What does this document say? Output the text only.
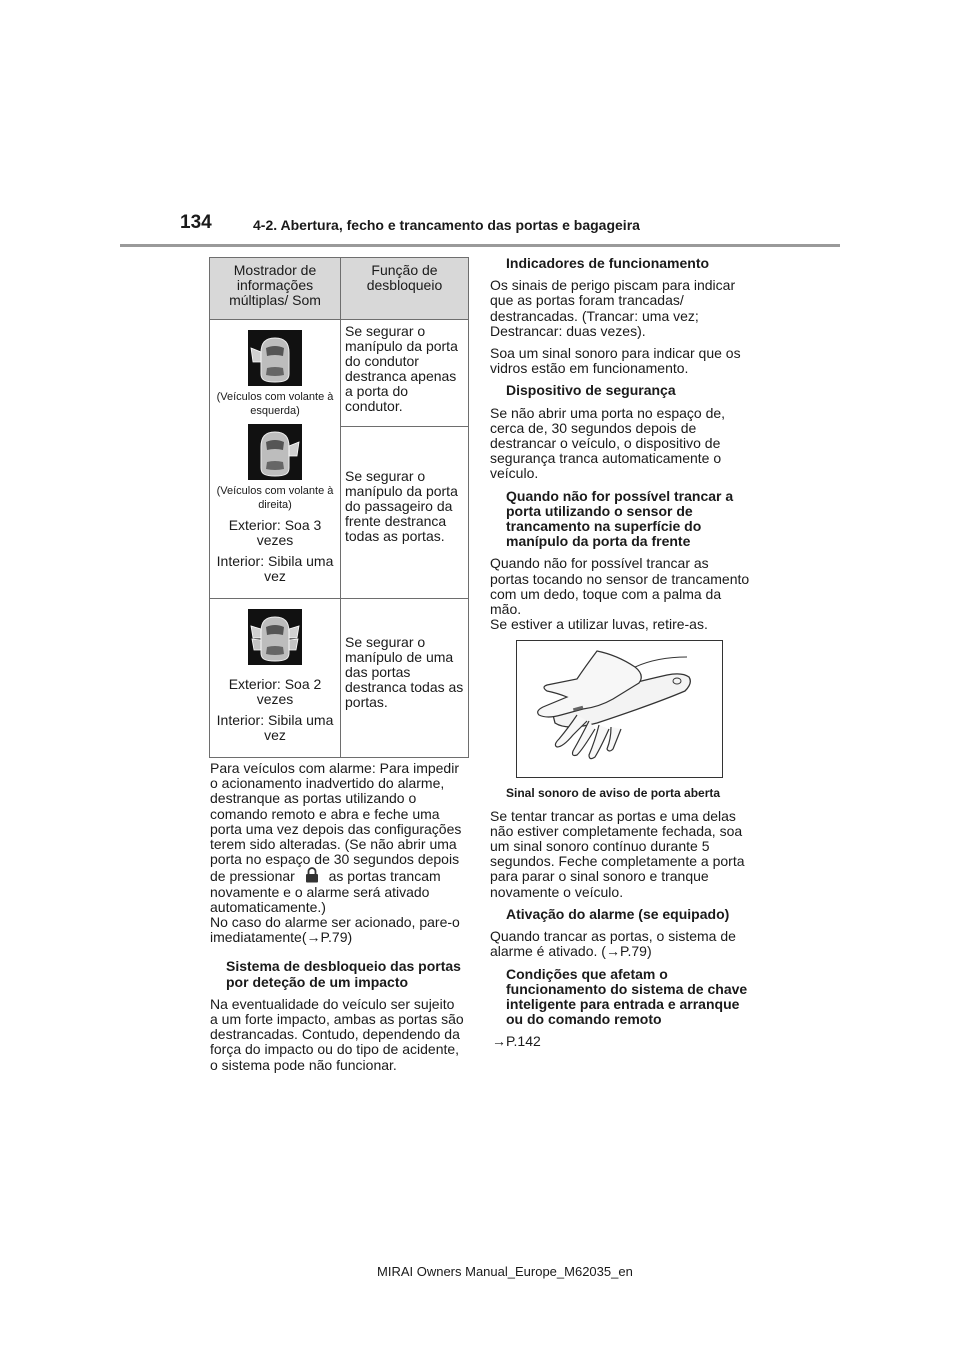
134	4-2. Abertura, fecho e trancamento das portas e bagageira
Mostrador de informações múltiplas/ Som	Função de desbloqueio

(Veículos com volante à esquerda)

(Veículos com volante à direita)

Exterior: Soa 3 vezes

Interior: Sibila uma vez	Se segurar o manípulo da porta do condutor destranca apenas a porta do condutor.
	Se segurar o manípulo da porta do passageiro da frente destranca todas as portas.

Exterior: Soa 2 vezes

Interior: Sibila uma vez	Se segurar o manípulo de uma das portas destranca todas as portas.

Para veículos com alarme: Para impedir o acionamento inadvertido do alarme, destranque as portas utilizando o comando remoto e abra e feche uma porta uma vez depois das configurações terem sido alteradas. (Se não abrir uma porta no espaço de 30 segundos depois de pressionar as portas trancam novamente e o alarme será ativado automaticamente.)
No caso do alarme ser acionado, pare-o imediatamente(→P.79)

Sistema de desbloqueio das portas por deteção de um impacto

Na eventualidade do veículo ser sujeito a um forte impacto, ambas as portas são destrancadas. Contudo, dependendo da força do impacto ou do tipo de acidente, o sistema pode não funcionar.

Indicadores de funcionamento

Os sinais de perigo piscam para indicar que as portas foram trancadas/ destrancadas. (Trancar: uma vez; Destrancar: duas vezes).

Soa um sinal sonoro para indicar que os vidros estão em funcionamento.

Dispositivo de segurança

Se não abrir uma porta no espaço de, cerca de, 30 segundos depois de destrancar o veículo, o dispositivo de segurança tranca automaticamente o veículo.

Quando não for possível trancar a porta utilizando o sensor de trancamento na superfície do manípulo da porta da frente

Quando não for possível trancar as portas tocando no sensor de trancamento com um dedo, toque com a palma da mão.
Se estiver a utilizar luvas, retire-as.

Sinal sonoro de aviso de porta aberta

Se tentar trancar as portas e uma delas não estiver completamente fechada, soa um sinal sonoro contínuo durante 5 segundos. Feche completamente a porta para parar o sinal sonoro e tranque novamente o veículo.

Ativação do alarme (se equipado)

Quando trancar as portas, o sistema de alarme é ativado. (→P.79)

Condições que afetam o funcionamento do sistema de chave inteligente para entrada e arranque ou do comando remoto

→P.142

MIRAI Owners Manual_Europe_M62035_en
